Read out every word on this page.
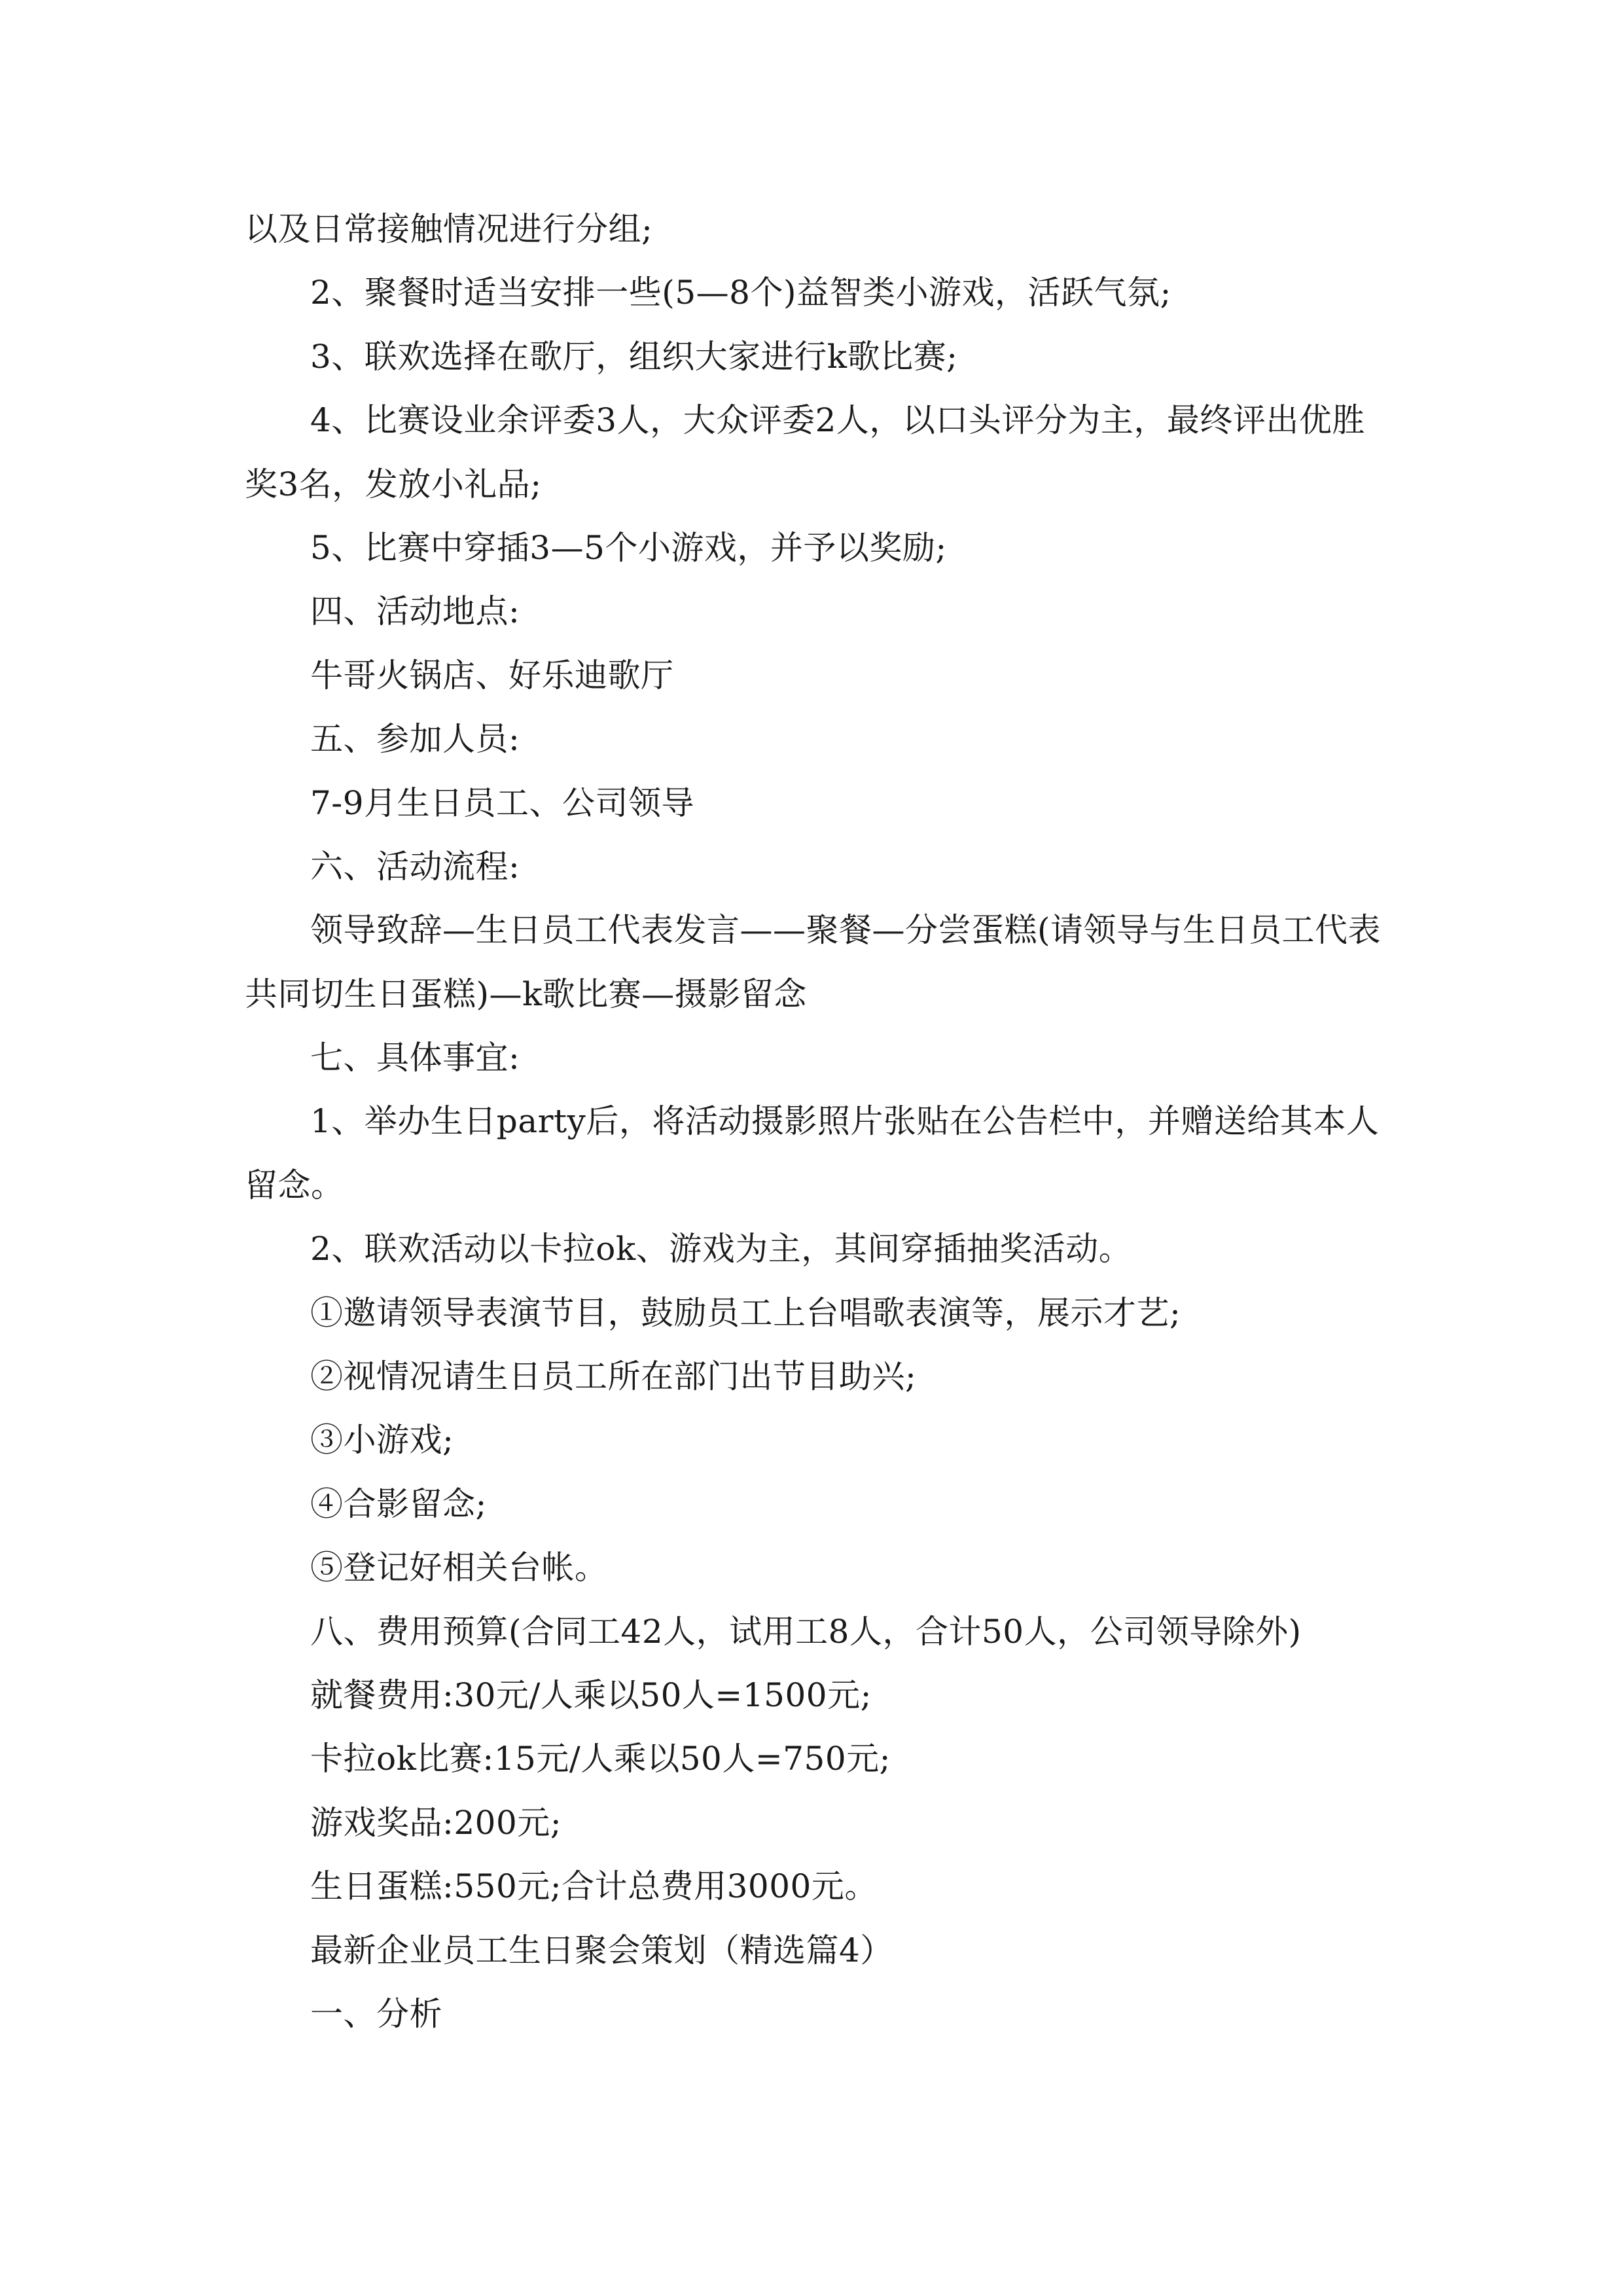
以及日常接触情况进行分组;
2、聚餐时适当安排一些(5—8个)益智类小游戏，活跃气氛;
3、联欢选择在歌厅，组织大家进行k歌比赛;
4、比赛设业余评委3人，大众评委2人，以口头评分为主，最终评出优胜
奖3名，发放小礼品;
5、比赛中穿插3—5个小游戏，并予以奖励;
四、活动地点:
牛哥火锅店、好乐迪歌厅
五、参加人员:
7-9月生日员工、公司领导
六、活动流程:
领导致辞—生日员工代表发言——聚餐—分尝蛋糕(请领导与生日员工代表
共同切生日蛋糕)—k歌比赛—摄影留念
七、具体事宜:
1、举办生日party后，将活动摄影照片张贴在公告栏中，并赠送给其本人
留念。
2、联欢活动以卡拉ok、游戏为主，其间穿插抽奖活动。
①邀请领导表演节目，鼓励员工上台唱歌表演等，展示才艺;
②视情况请生日员工所在部门出节目助兴;
③小游戏;
④合影留念;
⑤登记好相关台帐。
八、费用预算(合同工42人，试用工8人，合计50人，公司领导除外)
就餐费用:30元/人乘以50人=1500元;
卡拉ok比赛:15元/人乘以50人=750元;
游戏奖品:200元;
生日蛋糕:550元;合计总费用3000元。
最新企业员工生日聚会策划（精选篇4）
一、分析
